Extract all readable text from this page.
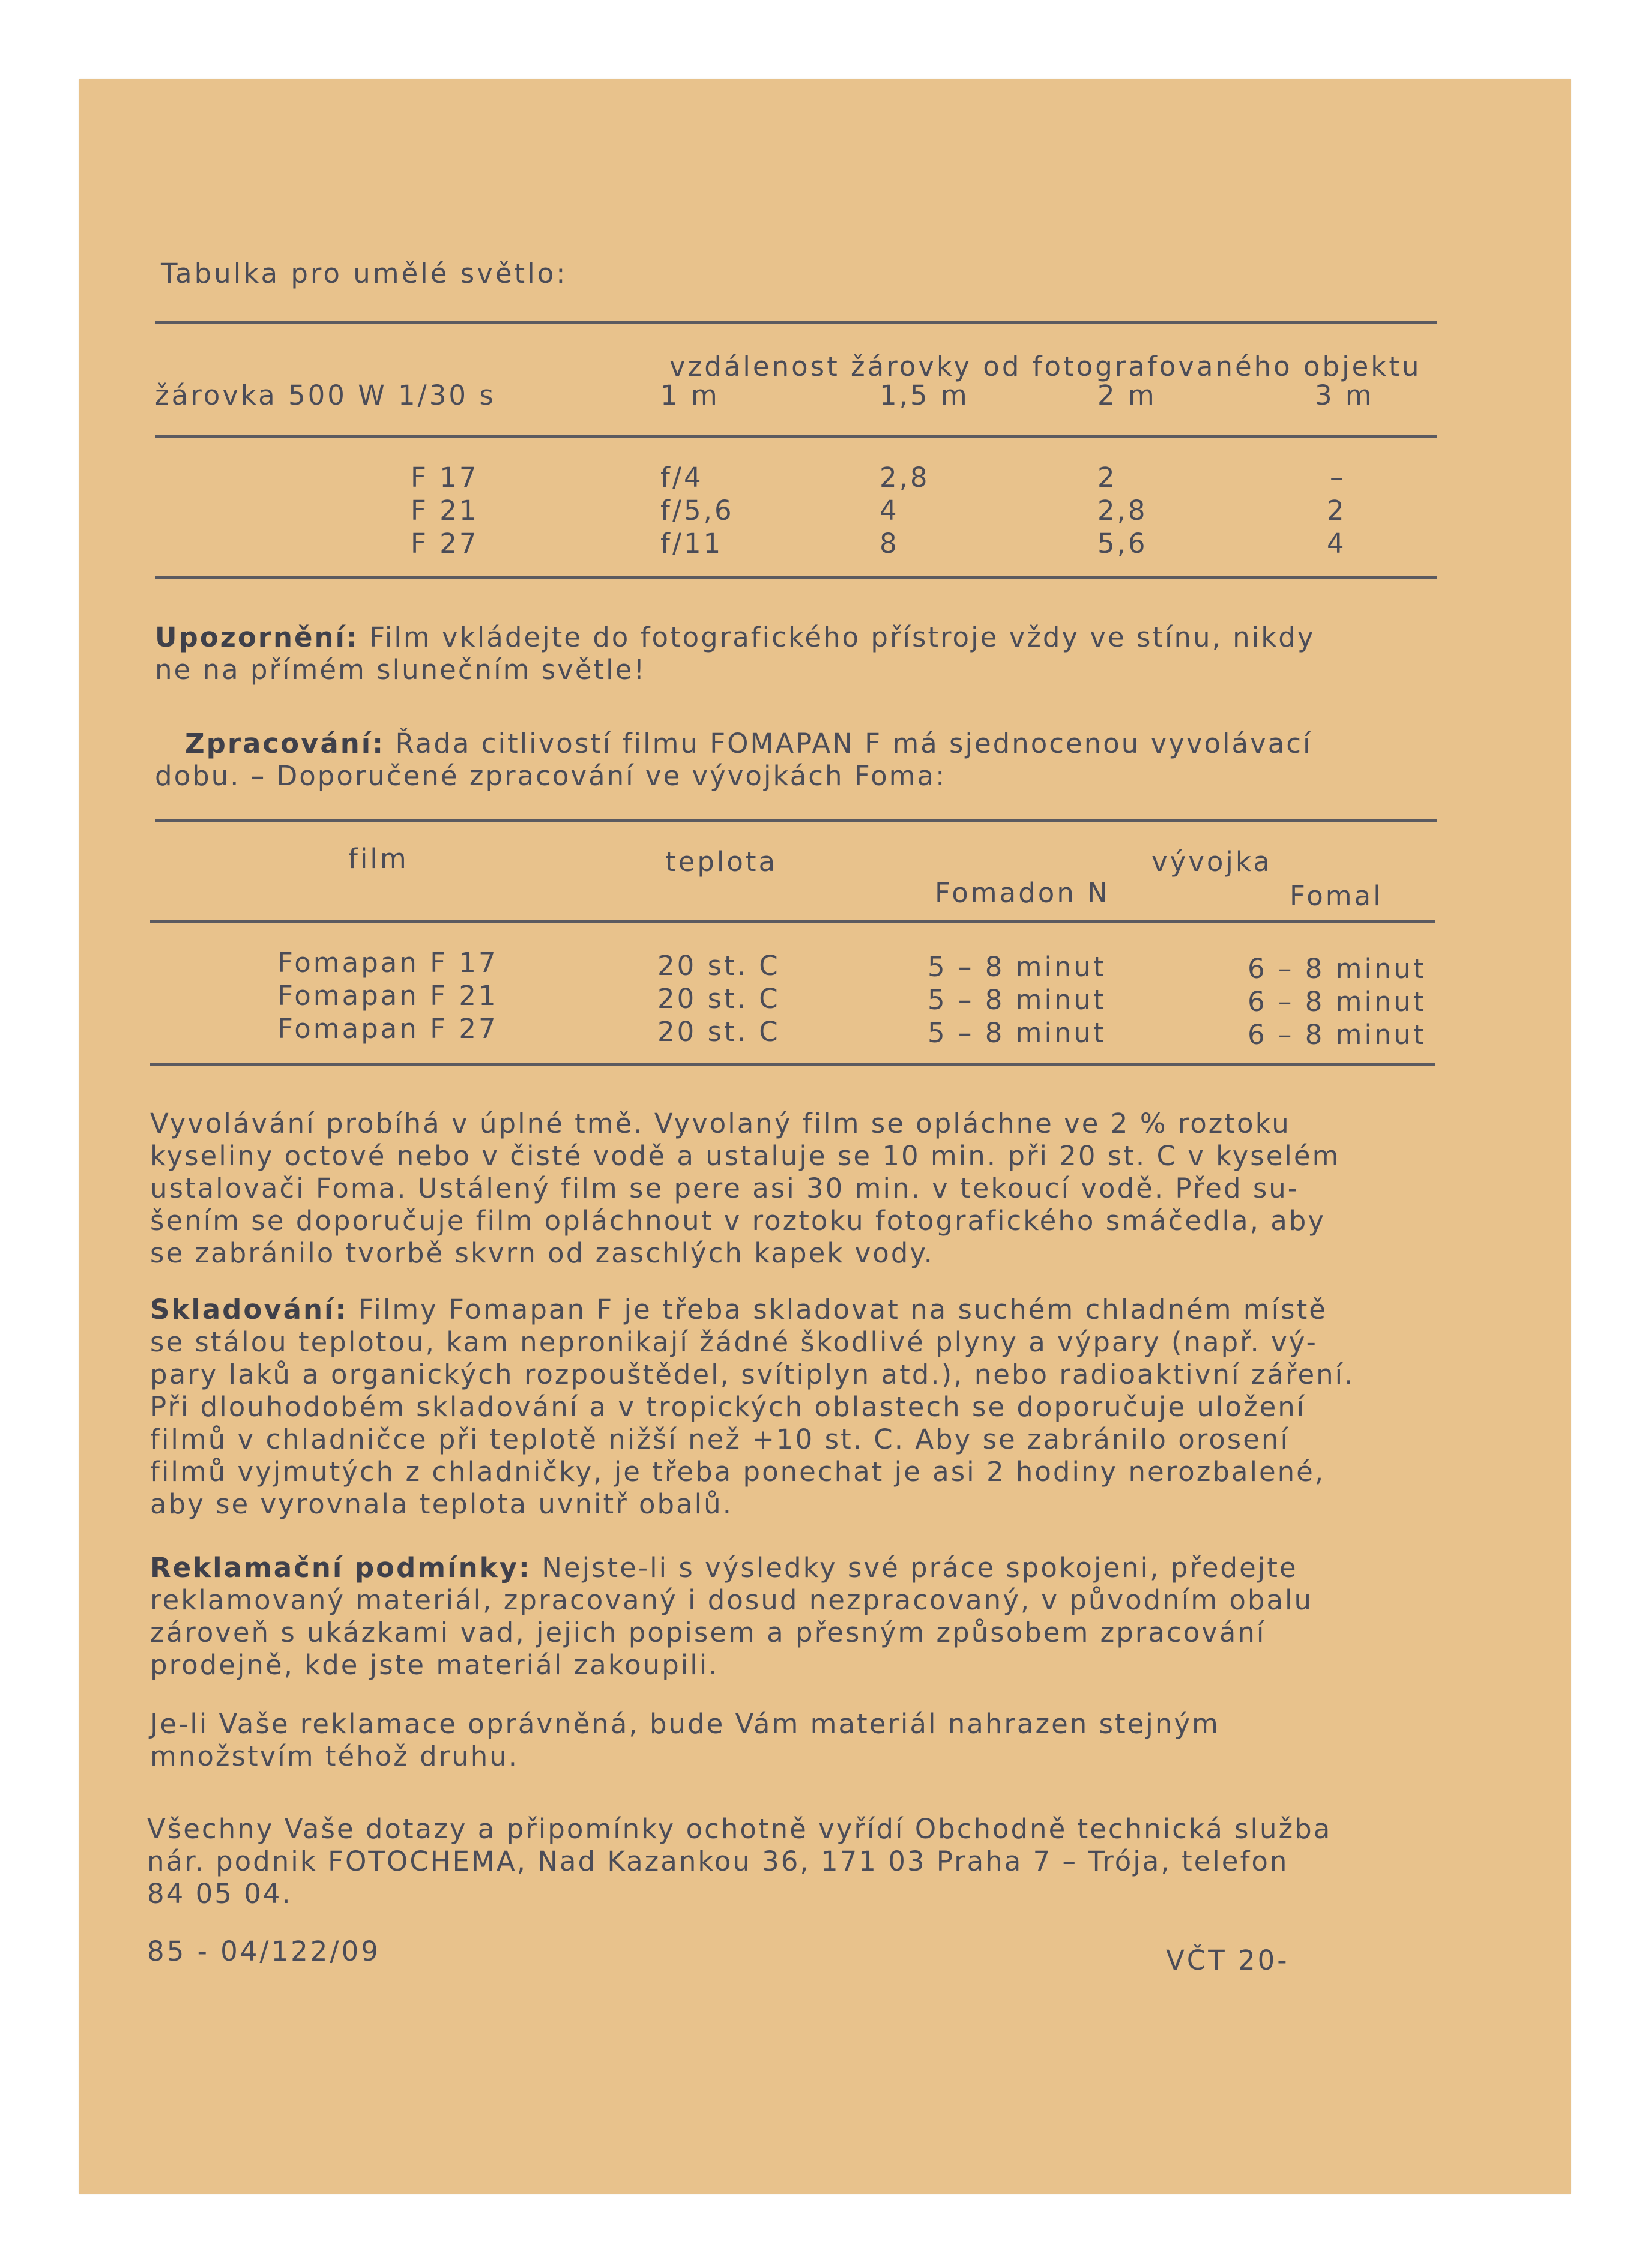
Tabulka pro umělé světlo:
vzdálenost žárovky od fotografovaného objektu
žárovka 500 W 1/30 s	1 m	1,5 m	2 m	3 m
F 17	f/4	2,8	2	–
F 21	f/5,6	4	2,8	2
F 27	f/11	8	5,6	4
Upozornění: Film vkládejte do fotografického přístroje vždy ve stínu, nikdy
ne na přímém slunečním světle!
Zpracování: Řada citlivostí filmu FOMAPAN F má sjednocenou vyvolávací
dobu. – Doporučené zpracování ve vývojkách Foma:
film	teplota	vývojka
Fomadon N	Fomal
Fomapan F 17	20 st. C	5 – 8 minut	6 – 8 minut
Fomapan F 21	20 st. C	5 – 8 minut	6 – 8 minut
Fomapan F 27	20 st. C	5 – 8 minut	6 – 8 minut
Vyvolávání probíhá v úplné tmě. Vyvolaný film se opláchne ve 2 % roztoku
kyseliny octové nebo v čisté vodě a ustaluje se 10 min. při 20 st. C v kyselém
ustalovači Foma. Ustálený film se pere asi 30 min. v tekoucí vodě. Před su-
šením se doporučuje film opláchnout v roztoku fotografického smáčedla, aby
se zabránilo tvorbě skvrn od zaschlých kapek vody.
Skladování: Filmy Fomapan F je třeba skladovat na suchém chladném místě
se stálou teplotou, kam nepronikají žádné škodlivé plyny a výpary (např. vý-
pary laků a organických rozpouštědel, svítiplyn atd.), nebo radioaktivní záření.
Při dlouhodobém skladování a v tropických oblastech se doporučuje uložení
filmů v chladničce při teplotě nižší než +10 st. C. Aby se zabránilo orosení
filmů vyjmutých z chladničky, je třeba ponechat je asi 2 hodiny nerozbalené,
aby se vyrovnala teplota uvnitř obalů.
Reklamační podmínky: Nejste-li s výsledky své práce spokojeni, předejte
reklamovaný materiál, zpracovaný i dosud nezpracovaný, v původním obalu
zároveň s ukázkami vad, jejich popisem a přesným způsobem zpracování
prodejně, kde jste materiál zakoupili.
Je-li Vaše reklamace oprávněná, bude Vám materiál nahrazen stejným
množstvím téhož druhu.
Všechny Vaše dotazy a připomínky ochotně vyřídí Obchodně technická služba
nár. podnik FOTOCHEMA, Nad Kazankou 36, 171 03 Praha 7 – Trója, telefon
84 05 04.
85 - 04/122/09	VČT 20-
